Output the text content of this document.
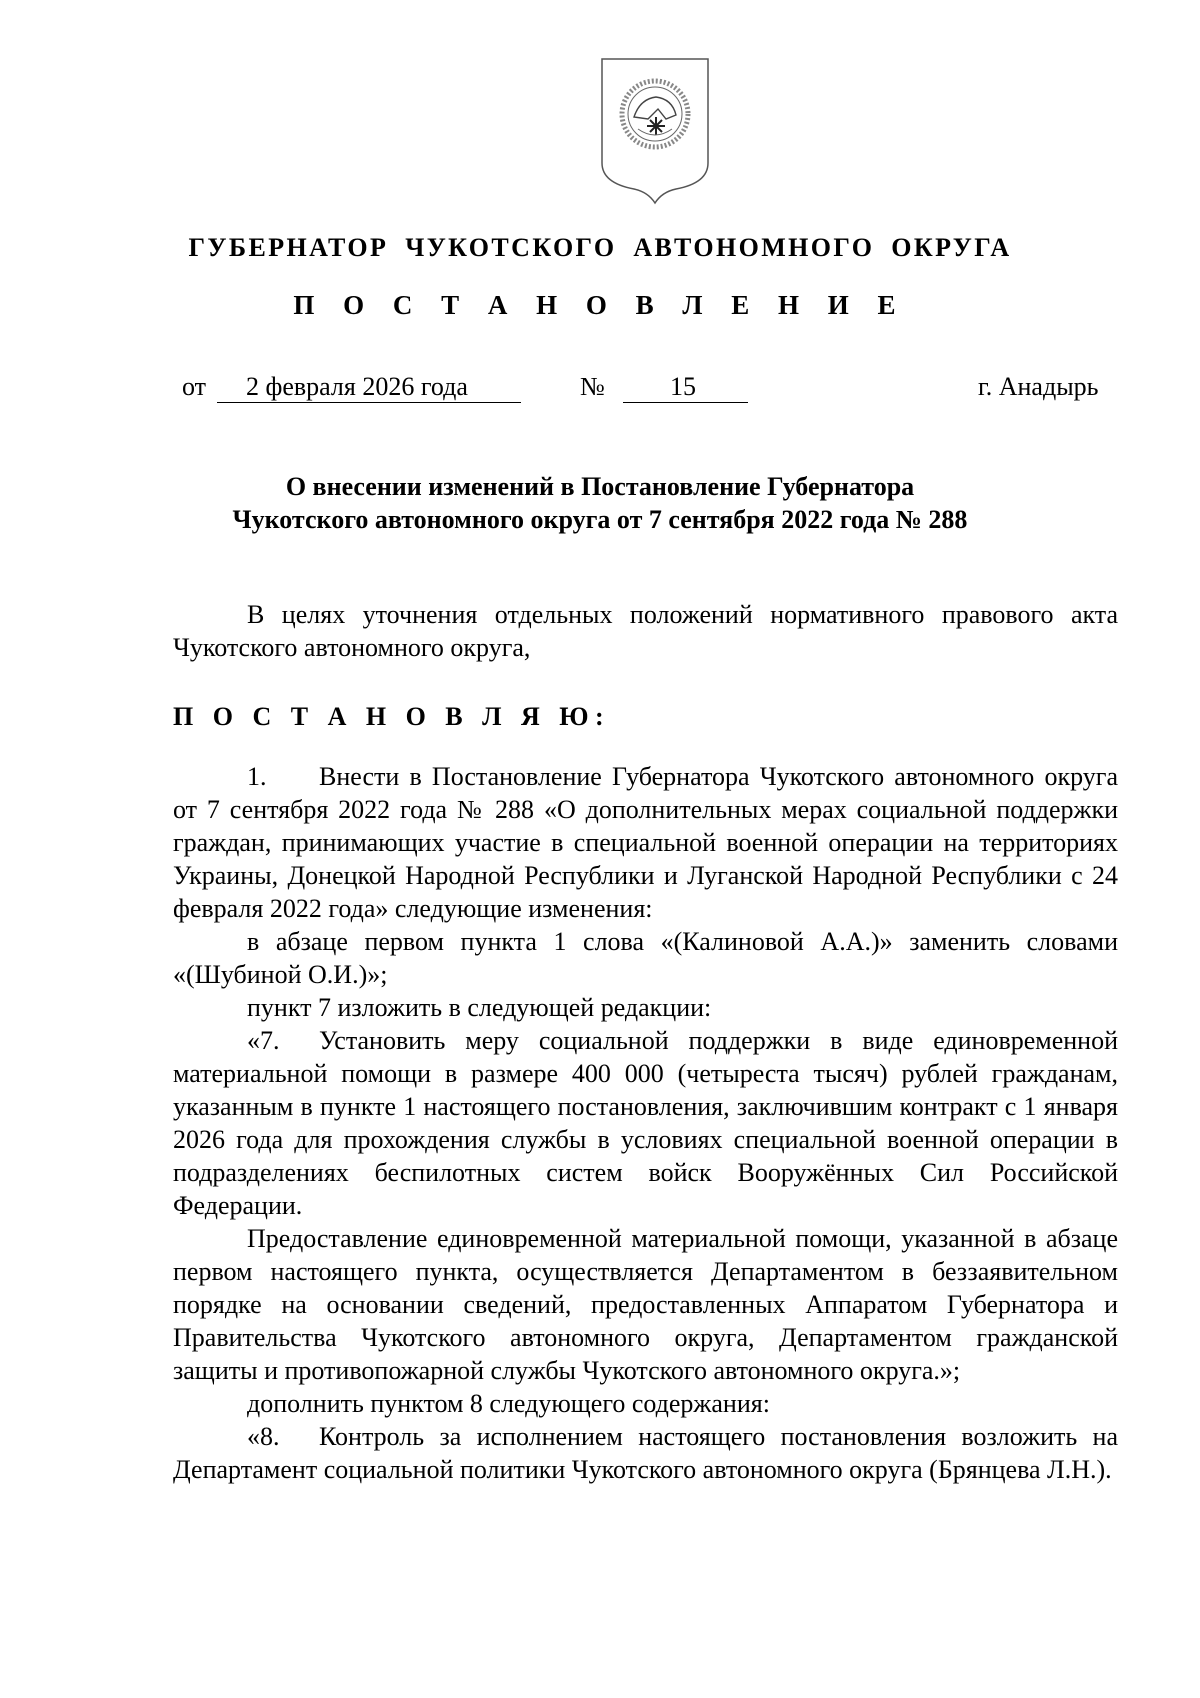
ГУБЕРНАТОР ЧУКОТСКОГО АВТОНОМНОГО ОКРУГА
П О С Т А Н О В Л Е Н И Е
от 2 февраля 2026 года	№	15	г. Анадырь
О внесении изменений в Постановление Губернатора
Чукотского автономного округа от 7 сентября 2022 года № 288

В целях уточнения отдельных положений нормативного правового акта Чукотского автономного округа,

П О С Т А Н О В Л Я Ю:

1. Внести в Постановление Губернатора Чукотского автономного округа от 7 сентября 2022 года № 288 «О дополнительных мерах социальной поддержки граждан, принимающих участие в специальной военной операции на территориях Украины, Донецкой Народной Республики и Луганской Народной Республики с 24 февраля 2022 года» следующие изменения:

в абзаце первом пункта 1 слова «(Калиновой А.А.)» заменить словами «(Шубиной О.И.)»;

пункт 7 изложить в следующей редакции:

«7. Установить меру социальной поддержки в виде единовременной материальной помощи в размере 400 000 (четыреста тысяч) рублей гражданам, указанным в пункте 1 настоящего постановления, заключившим контракт с 1 января 2026 года для прохождения службы в условиях специальной военной операции в подразделениях беспилотных систем войск Вооружённых Сил Российской Федерации.

Предоставление единовременной материальной помощи, указанной в абзаце первом настоящего пункта, осуществляется Департаментом в беззаявительном порядке на основании сведений, предоставленных Аппаратом Губернатора и Правительства Чукотского автономного округа, Департаментом гражданской защиты и противопожарной службы Чукотского автономного округа.»;

дополнить пунктом 8 следующего содержания:

«8. Контроль за исполнением настоящего постановления возложить на Департамент социальной политики Чукотского автономного округа (Брянцева Л.Н.).
